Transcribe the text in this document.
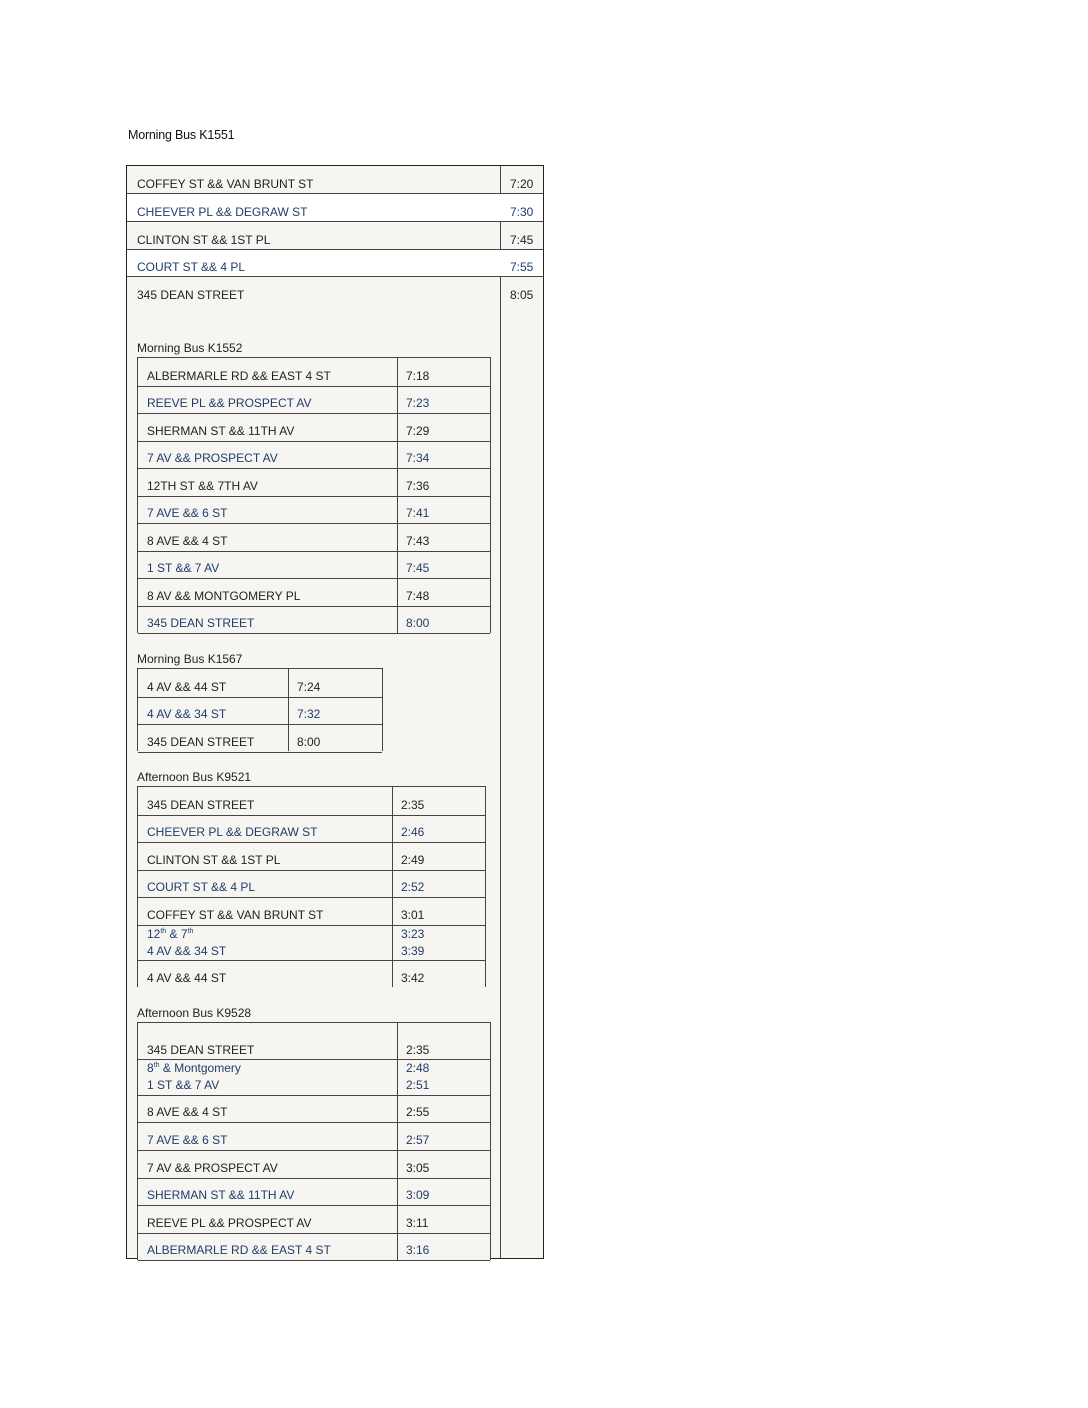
Morning Bus K1551
COFFEY ST && VAN BRUNT ST	7:20
CHEEVER PL && DEGRAW ST	7:30
CLINTON ST && 1ST PL	7:45
COURT ST && 4 PL	7:55
345 DEAN STREET	8:05
Morning Bus K1552
ALBERMARLE RD && EAST 4 ST	7:18
REEVE PL && PROSPECT AV	7:23
SHERMAN ST && 11TH AV	7:29
7 AV && PROSPECT AV	7:34
12TH ST && 7TH AV	7:36
7 AVE && 6 ST	7:41
8 AVE && 4 ST	7:43
1 ST && 7 AV	7:45
8 AV && MONTGOMERY PL	7:48
345 DEAN STREET	8:00
Morning Bus K1567
4 AV && 44 ST	7:24
4 AV && 34 ST	7:32
345 DEAN STREET	8:00
Afternoon Bus K9521
345 DEAN STREET	2:35
CHEEVER PL && DEGRAW ST	2:46
CLINTON ST && 1ST PL	2:49
COURT ST && 4 PL	2:52
COFFEY ST && VAN BRUNT ST	3:01
12th & 7th	3:23
4 AV && 34 ST	3:39
4 AV && 44 ST	3:42
Afternoon Bus K9528
345 DEAN STREET	2:35
8th & Montgomery	2:48
1 ST && 7 AV	2:51
8 AVE && 4 ST	2:55
7 AVE && 6 ST	2:57
7 AV && PROSPECT AV	3:05
SHERMAN ST && 11TH AV	3:09
REEVE PL && PROSPECT AV	3:11
ALBERMARLE RD && EAST 4 ST	3:16
